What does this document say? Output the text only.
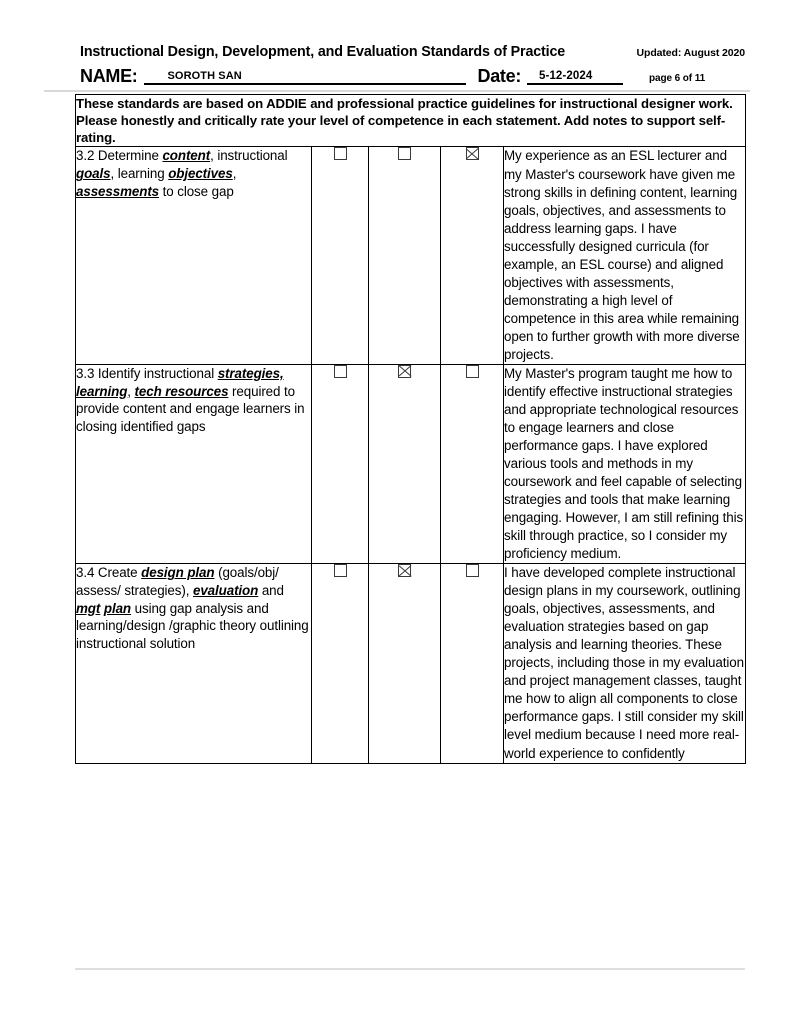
Instructional Design, Development, and Evaluation Standards of Practice	Updated: August 2020
NAME:	SOROTH SAN	Date: 5-12-2024	page 6 of 11
These standards are based on ADDIE and professional practice guidelines for instructional designer work. Please honestly and critically rate your level of competence in each statement. Add notes to support self-rating.				

3.2 Determine content, instructional goals, learning objectives, assessments to close gap				My experience as an ESL lecturer and my Master's coursework have given me strong skills in defining content, learning goals, objectives, and assessments to address learning gaps. I have successfully designed curricula (for example, an ESL course) and aligned objectives with assessments, demonstrating a high level of competence in this area while remaining open to further growth with more diverse projects.

3.3 Identify instructional strategies, learning, tech resources required to provide content and engage learners in closing identified gaps				My Master's program taught me how to identify effective instructional strategies and appropriate technological resources to engage learners and close performance gaps. I have explored various tools and methods in my coursework and feel capable of selecting strategies and tools that make learning engaging. However, I am still refining this skill through practice, so I consider my proficiency medium.

3.4 Create design plan (goals/obj/ assess/ strategies), evaluation and mgt plan using gap analysis and learning/design /graphic theory outlining instructional solution				I have developed complete instructional design plans in my coursework, outlining goals, objectives, assessments, and evaluation strategies based on gap analysis and learning theories. These projects, including those in my evaluation and project management classes, taught me how to align all components to close performance gaps. I still consider my skill level medium because I need more real-world experience to confidently
